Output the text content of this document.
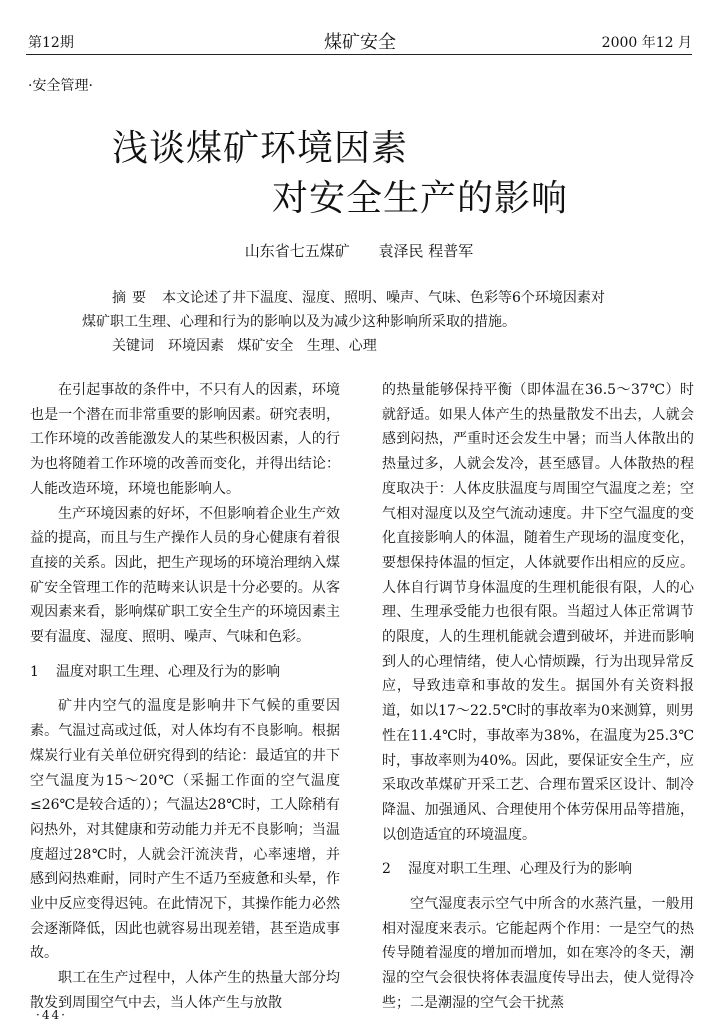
第12期	煤矿安全	2000 年12 月
·安全管理·
浅谈煤矿环境因素
对安全生产的影响
山东省七五煤矿 袁泽民 程普军
摘要 本文论述了井下温度、湿度、照明、噪声、气味、色彩等6个环境因素对
煤矿职工生理、心理和行为的影响以及为减少这种影响所采取的措施。
关键词 环境因素   煤矿安全   生理、心理

在引起事故的条件中，不只有人的因素，环境也是一个潜在而非常重要的影响因素。研究表明，工作环境的改善能激发人的某些积极因素，人的行为也将随着工作环境的改善而变化，并得出结论：人能改造环境，环境也能影响人。

生产环境因素的好坏，不但影响着企业生产效益的提高，而且与生产操作人员的身心健康有着很直接的关系。因此，把生产现场的环境治理纳入煤矿安全管理工作的范畴来认识是十分必要的。从客观因素来看，影响煤矿职工安全生产的环境因素主要有温度、湿度、照明、噪声、气味和色彩。

1 温度对职工生理、心理及行为的影响

矿井内空气的温度是影响井下气候的重要因素。气温过高或过低，对人体均有不良影响。根据煤炭行业有关单位研究得到的结论：最适宜的井下空气温度为15～20℃（采掘工作面的空气温度≤26℃是较合适的）；气温达28℃时，工人除稍有闷热外，对其健康和劳动能力并无不良影响；当温度超过28℃时，人就会汗流浃背，心率速增，并感到闷热难耐，同时产生不适乃至疲惫和头晕，作业中反应变得迟钝。在此情况下，其操作能力必然会逐渐降低，因此也就容易出现差错，甚至造成事故。

职工在生产过程中，人体产生的热量大部分均散发到周围空气中去，当人体产生与放散

的热量能够保持平衡（即体温在36.5～37℃）时就舒适。如果人体产生的热量散发不出去，人就会感到闷热，严重时还会发生中暑；而当人体散出的热量过多，人就会发冷，甚至感冒。人体散热的程度取决于：人体皮肤温度与周围空气温度之差；空气相对湿度以及空气流动速度。井下空气温度的变化直接影响人的体温，随着生产现场的温度变化，要想保持体温的恒定，人体就要作出相应的反应。人体自行调节身体温度的生理机能很有限，人的心理、生理承受能力也很有限。当超过人体正常调节的限度，人的生理机能就会遭到破坏，并进而影响到人的心理情绪，使人心情烦躁，行为出现异常反应，导致违章和事故的发生。据国外有关资料报道，如以17～22.5℃时的事故率为0来测算，则男性在11.4℃时，事故率为38%，在温度为25.3℃时，事故率则为40%。因此，要保证安全生产，应采取改革煤矿开采工艺、合理布置采区设计、制冷降温、加强通风、合理使用个体劳保用品等措施，以创造适宜的环境温度。

2 湿度对职工生理、心理及行为的影响

空气湿度表示空气中所含的水蒸汽量，一般用相对湿度来表示。它能起两个作用：一是空气的热传导随着湿度的增加而增加，如在寒冷的冬天，潮湿的空气会很快将体表温度传导出去，使人觉得冷些；二是潮湿的空气会干扰蒸

·44·
